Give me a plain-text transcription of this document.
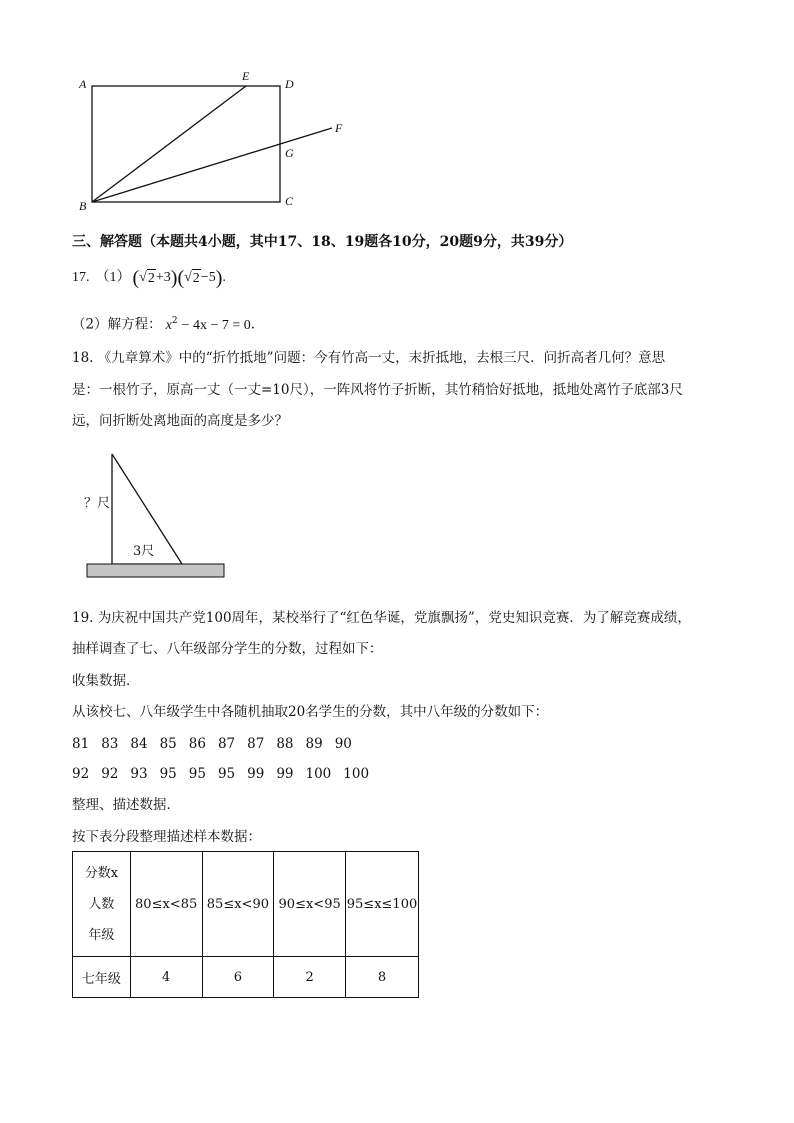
A
E
D
F
G
B	C
三、解答题（本题共4小题，其中17、18、19题各10分，20题9分，共39分）
17. （1） ( √ 2 +3 ) ( √ 2 −5 ) .
（2）解方程： $x^2 - 4x - 7 = 0$.
18. 《九章算术》中的“折竹抵地”问题：今有竹高一丈，末折抵地，去根三尺．问折高者几何？意思
是：一根竹子，原高一丈（一丈=10尺），一阵风将竹子折断，其竹稍恰好抵地，抵地处离竹子底部3尺
远，问折断处离地面的高度是多少？
？尺
3尺
19. 为庆祝中国共产党100周年，某校举行了“红色华诞，党旗飘扬”，党史知识竞赛．为了解竞赛成绩，
抽样调查了七、八年级部分学生的分数，过程如下：
收集数据．
从该校七、八年级学生中各随机抽取20名学生的分数，其中八年级的分数如下：
81 83 84 85 86 87 87 88 89 90
92 92 93 95 95 95 99 99 100 100
整理、描述数据．
按下表分段整理描述样本数据：
分数x
人数
年级	80≤x<85	85≤x<90	90≤x<95	95≤x≤100
七年级	4	6	2	8
